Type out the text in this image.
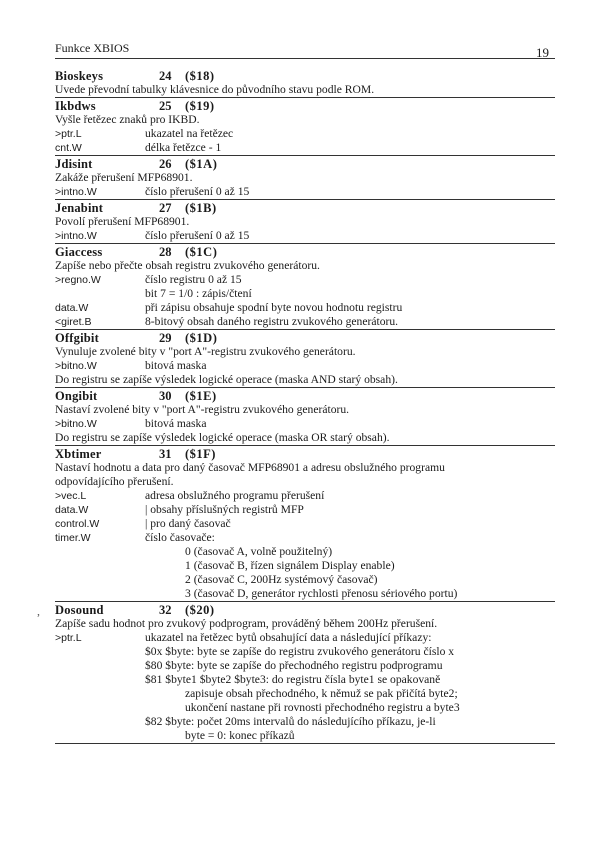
Funkce XBIOS	19
Bioskeys	24	($18)
Uvede převodní tabulky klávesnice do původního stavu podle ROM.
Ikbdws	25	($19)
Vyšle řetězec znaků pro IKBD.
>ptr.L	ukazatel na řetězec
cnt.W	délka řetězce - 1
Jdisint	26	($1A)
Zakáže přerušení MFP68901.
>intno.W	číslo přerušení 0 až 15
Jenabint	27	($1B)
Povolí přerušení MFP68901.
>intno.W	číslo přerušení 0 až 15
Giaccess	28	($1C)
Zapíše nebo přečte obsah registru zvukového generátoru.
>regno.W	číslo registru 0 až 15
bit 7 = 1/0 : zápis/čtení
data.W	při zápisu obsahuje spodní byte novou hodnotu registru
<giret.B	8-bitový obsah daného registru zvukového generátoru.
Offgibit	29	($1D)
Vynuluje zvolené bity v "port A"-registru zvukového generátoru.
>bitno.W	bitová maska
Do registru se zapíše výsledek logické operace (maska AND starý obsah).
Ongibit	30	($1E)
Nastaví zvolené bity v "port A"-registru zvukového generátoru.
>bitno.W	bitová maska
Do registru se zapíše výsledek logické operace (maska OR starý obsah).
Xbtimer	31	($1F)
Nastaví hodnotu a data pro daný časovač MFP68901 a adresu obslužného programu
odpovídajícího přerušení.
>vec.L	adresa obslužného programu přerušení
data.W	| obsahy příslušných registrů MFP
control.W	| pro daný časovač
timer.W	číslo časovače:
0 (časovač A, volně použitelný)
1 (časovač B, řízen signálem Display enable)
2 (časovač C, 200Hz systémový časovač)
3 (časovač D, generátor rychlosti přenosu sériového portu)
Dosound	32	($20)
Zapíše sadu hodnot pro zvukový podprogram, prováděný během 200Hz přerušení.
>ptr.L	ukazatel na řetězec bytů obsahující data a následující příkazy:
$0x $byte: byte se zapíše do registru zvukového generátoru číslo x
$80 $byte: byte se zapíše do přechodného registru podprogramu
$81 $byte1 $byte2 $byte3: do registru čísla byte1 se opakovaně
zapisuje obsah přechodného, k němuž se pak přičítá byte2;
ukončení nastane při rovnosti přechodného registru a byte3
$82 $byte: počet 20ms intervalů do následujícího příkazu, je-li
byte = 0: konec příkazů
,
